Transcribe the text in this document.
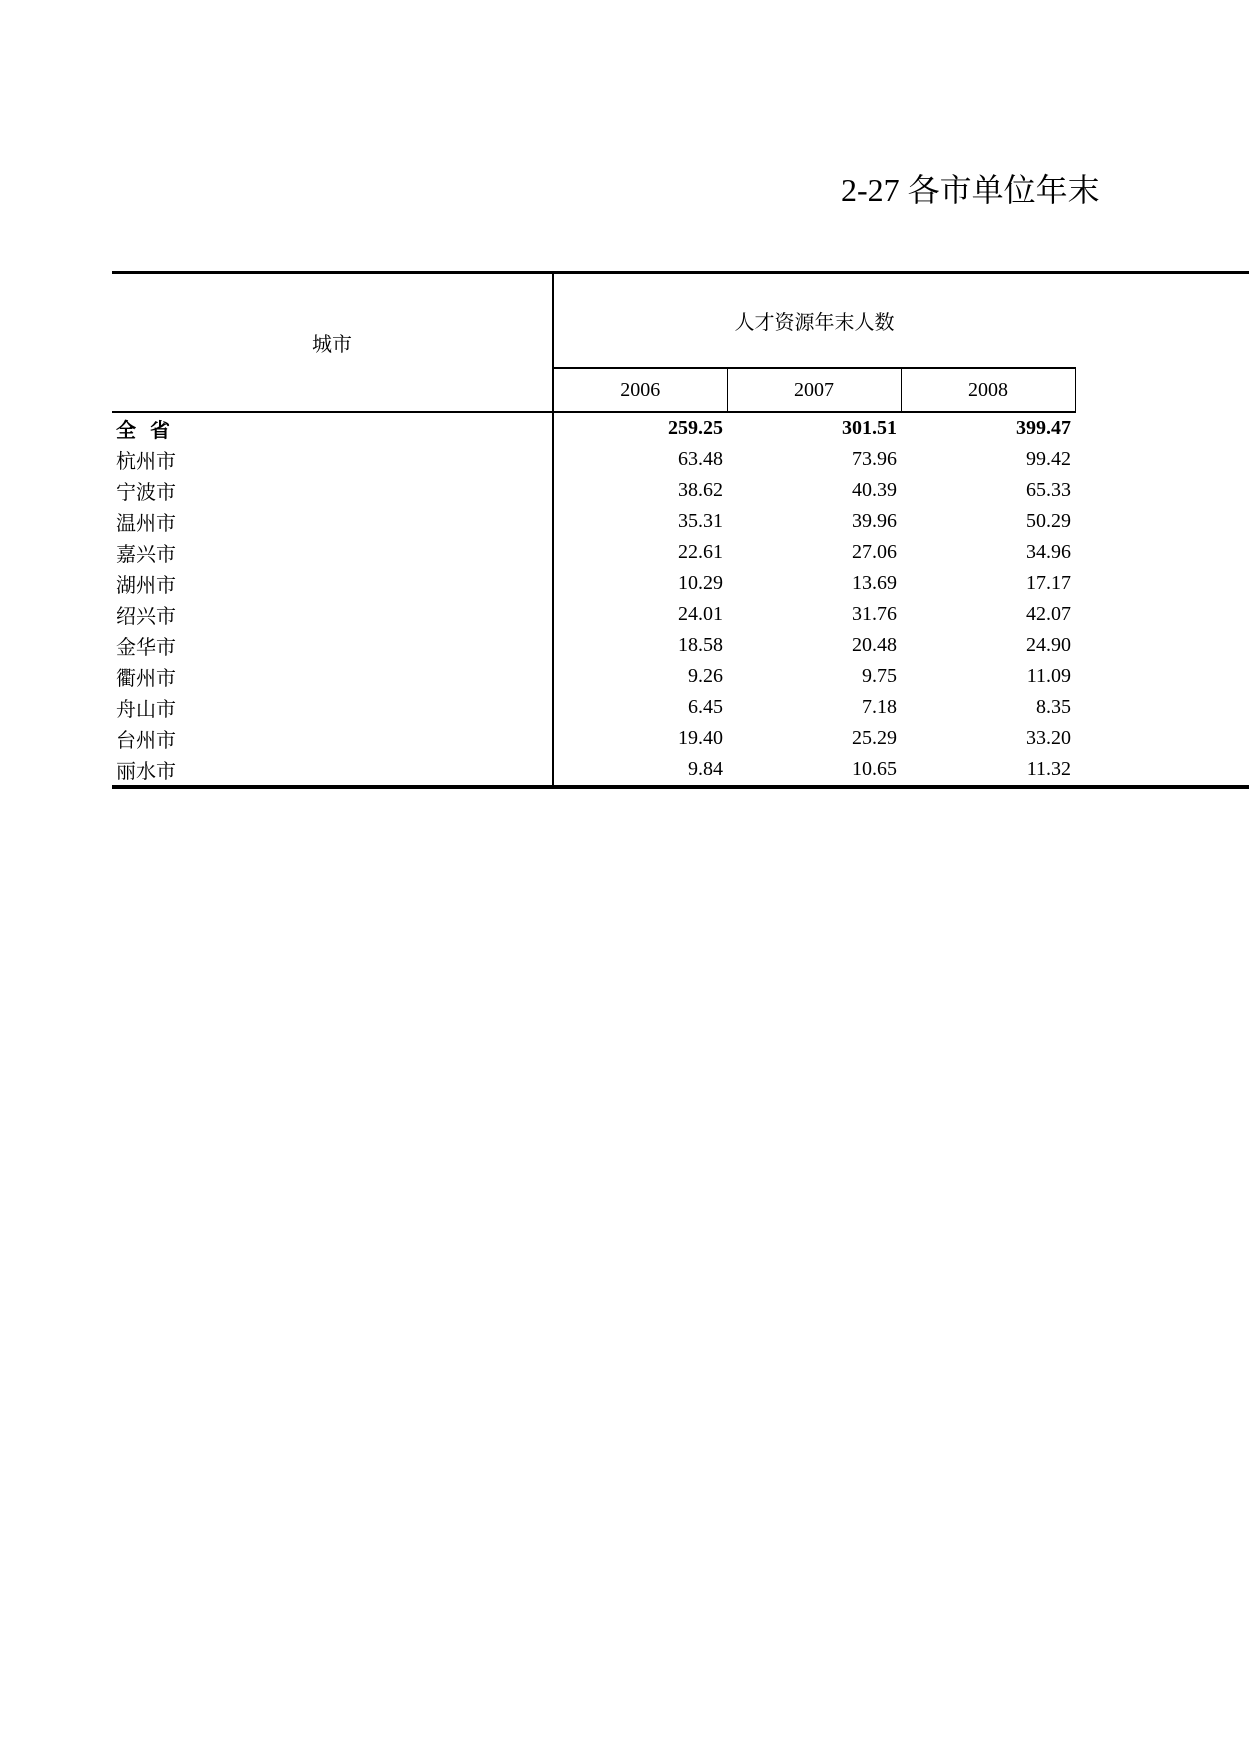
2-27 各市单位年末
城市	人才资源年末人数			
	2006	2007	2008	
全省	259.25	301.51	399.47	
杭州市	63.48	73.96	99.42	
宁波市	38.62	40.39	65.33	
温州市	35.31	39.96	50.29	
嘉兴市	22.61	27.06	34.96	
湖州市	10.29	13.69	17.17	
绍兴市	24.01	31.76	42.07	
金华市	18.58	20.48	24.90	
衢州市	9.26	9.75	11.09	
舟山市	6.45	7.18	8.35	
台州市	19.40	25.29	33.20	
丽水市	9.84	10.65	11.32	
